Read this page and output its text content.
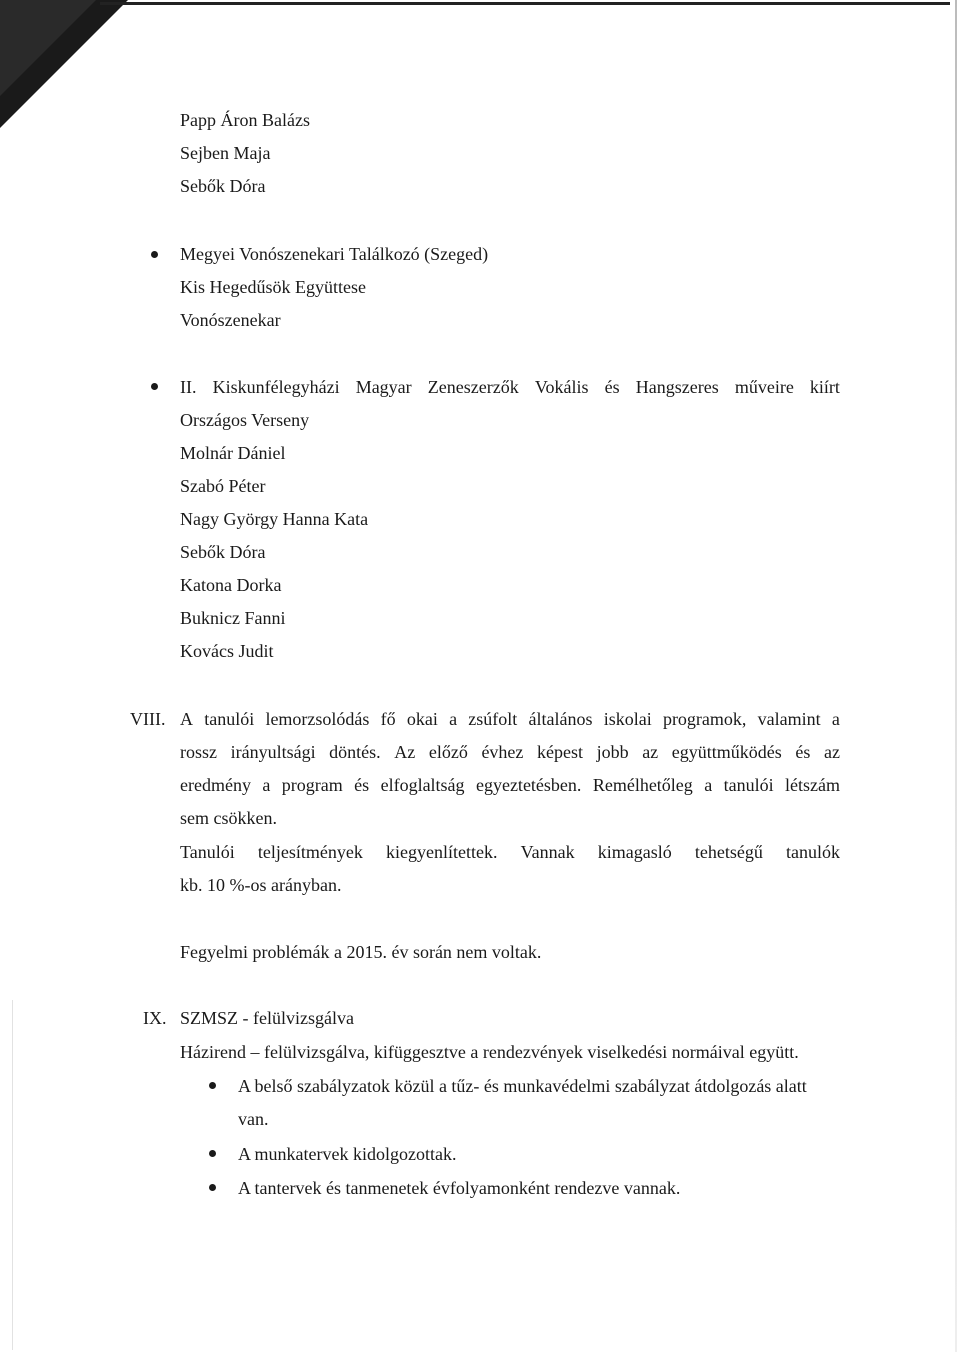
Papp Áron Balázs
Sejben Maja
Sebők Dóra
Megyei Vonószenekari Találkozó (Szeged)
Kis Hegedűsök Együttese
Vonószenekar
II. Kiskunfélegyházi Magyar Zeneszerzők Vokális és Hangszeres műveire kiírt
Országos Verseny
Molnár Dániel
Szabó Péter
Nagy György Hanna Kata
Sebők Dóra
Katona Dorka
Buknicz Fanni
Kovács Judit
VIII. A tanulói lemorzsolódás fő okai a zsúfolt általános iskolai programok, valamint a
rossz irányultsági döntés. Az előző évhez képest jobb az együttműködés és az
eredmény a program és elfoglaltság egyeztetésben. Remélhetőleg a tanulói létszám
sem csökken.
Tanulói teljesítmények kiegyenlítettek. Vannak kimagasló tehetségű tanulók
kb. 10 %-os arányban.
Fegyelmi problémák a 2015. év során nem voltak.
IX. SZMSZ - felülvizsgálva
Házirend – felülvizsgálva, kifüggesztve a rendezvények viselkedési normáival együtt.
A belső szabályzatok közül a tűz- és munkavédelmi szabályzat átdolgozás alatt
van.
A munkatervek kidolgozottak.
A tantervek és tanmenetek évfolyamonként rendezve vannak.
